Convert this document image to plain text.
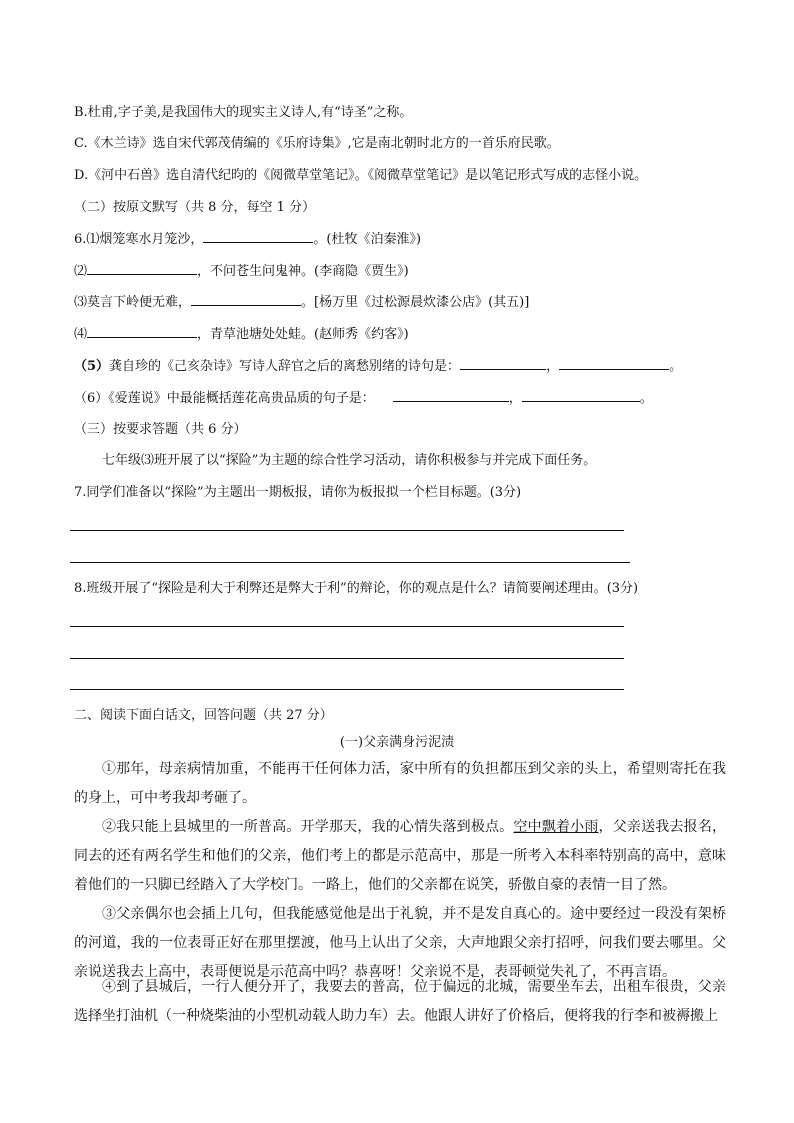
B.杜甫,字子美,是我国伟大的现实主义诗人,有“诗圣”之称。
C.《木兰诗》选自宋代郭茂倩编的《乐府诗集》,它是南北朝时北方的一首乐府民歌。
D.《河中石兽》选自清代纪昀的《阅微草堂笔记》。《阅微草堂笔记》是以笔记形式写成的志怪小说。
（二）按原文默写（共 8 分，每空 1 分）
6.⑴烟笼寒水月笼沙，	。(杜牧《泊秦淮》)
⑵	，不问苍生问鬼神。(李商隐《贾生》)
⑶莫言下岭便无难，	。[杨万里《过松源晨炊漆公店》(其五)]
⑷	，青草池塘处处蛙。(赵师秀《约客》)
（5）龚自珍的《己亥杂诗》写诗人辞官之后的离愁别绪的诗句是：	，	。
（6）《爱莲说》中最能概括莲花高贵品质的句子是：	，	。
（三）按要求答题（共 6 分）
七年级⑶班开展了以“探险”为主题的综合性学习活动，请你积极参与并完成下面任务。
7.同学们准备以“探险”为主题出一期板报，请你为板报拟一个栏目标题。(3分)
8.班级开展了“探险是利大于利弊还是弊大于利”的辩论，你的观点是什么？请简要阐述理由。(3分)
二、阅读下面白话文，回答问题（共 27 分）
(一)父亲满身污泥渍
①那年，母亲病情加重，不能再干任何体力活，家中所有的负担都压到父亲的头上，希望则寄托在我的身上，可中考我却考砸了。
②我只能上县城里的一所普高。开学那天，我的心情失落到极点。空中飘着小雨，父亲送我去报名，同去的还有两名学生和他们的父亲，他们考上的都是示范高中，那是一所考入本科率特别高的高中，意味着他们的一只脚已经踏入了大学校门。一路上，他们的父亲都在说笑，骄傲自豪的表情一目了然。
③父亲偶尔也会插上几句，但我能感觉他是出于礼貌，并不是发自真心的。途中要经过一段没有架桥的河道，我的一位表哥正好在那里摆渡，他马上认出了父亲，大声地跟父亲打招呼，问我们要去哪里。父亲说送我去上高中，表哥便说是示范高中吗？恭喜呀！父亲说不是，表哥顿觉失礼了，不再言语。
④到了县城后，一行人便分开了，我要去的普高，位于偏远的北城，需要坐车去，出租车很贵，父亲选择坐打油机（一种烧柴油的小型机动载人助力车）去。他跟人讲好了价格后，便将我的行李和被褥搬上
